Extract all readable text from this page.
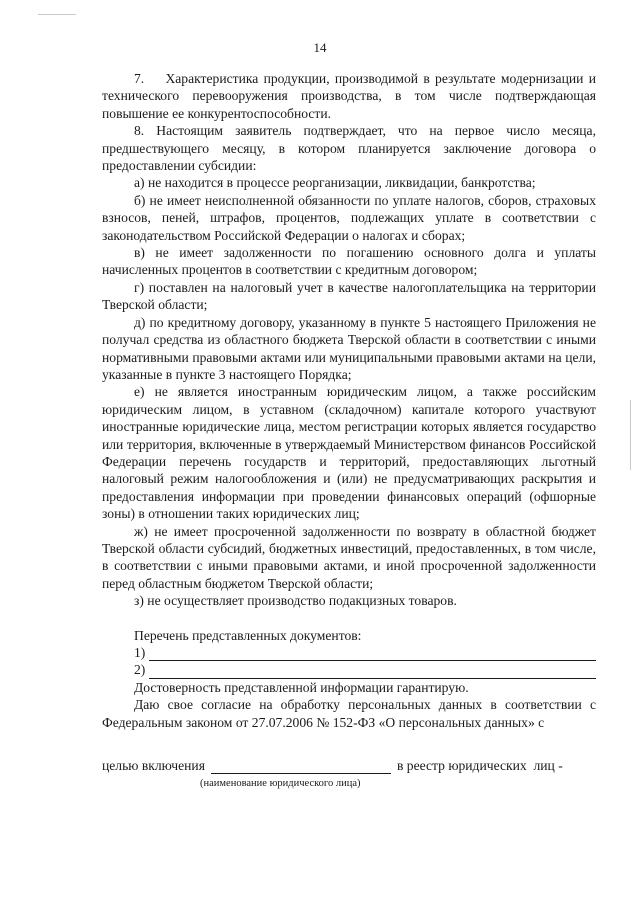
14

7.    Характеристика продукции, производимой в результате модернизации и технического перевооружения производства, в том числе подтверждающая повышение ее конкурентоспособности.

8. Настоящим заявитель подтверждает, что на первое число месяца, предшествующего месяцу, в котором планируется заключение договора о предоставлении субсидии:

а) не находится в процессе реорганизации, ликвидации, банкротства;

б) не имеет неисполненной обязанности по уплате налогов, сборов, страховых взносов, пеней, штрафов, процентов, подлежащих уплате в соответствии с законодательством Российской Федерации о налогах и сборах;

в) не имеет задолженности по погашению основного долга и уплаты начисленных процентов в соответствии с кредитным договором;

г) поставлен на налоговый учет в качестве налогоплательщика на территории Тверской области;

д) по кредитному договору, указанному в пункте 5 настоящего Приложения не получал средства из областного бюджета Тверской области в соответствии с иными нормативными правовыми актами или муниципальными правовыми актами на цели, указанные в пункте 3 настоящего Порядка;

е) не является иностранным юридическим лицом, а также российским юридическим лицом, в уставном (складочном) капитале которого участвуют иностранные юридические лица, местом регистрации которых является государство или территория, включенные в утверждаемый Министерством финансов Российской Федерации перечень государств и территорий, предоставляющих льготный налоговый режим налогообложения и (или) не предусматривающих раскрытия и предоставления информации при проведении финансовых операций (офшорные зоны) в отношении таких юридических лиц;

ж) не имеет просроченной задолженности по возврату в областной бюджет Тверской области субсидий, бюджетных инвестиций, предоставленных, в том числе, в соответствии с иными правовыми актами, и иной просроченной задолженности перед областным бюджетом Тверской области;

з) не осуществляет производство подакцизных товаров.

Перечень представленных документов:

1)
2)

Достоверность представленной информации гарантирую.

Даю свое согласие на обработку персональных данных в соответствии с Федеральным законом от 27.07.2006 № 152-ФЗ «О персональных данных» с

целью включения	в реестр юридических  лиц -
(наименование юридического лица)
